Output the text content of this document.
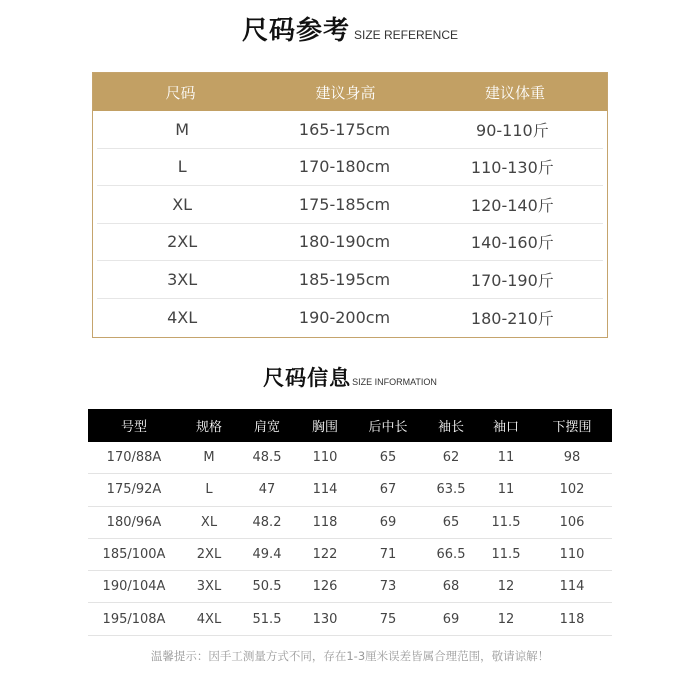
尺码参考 SIZE REFERENCE
尺码	建议身高	建议体重
M	165-175cm	90-110斤
L	170-180cm	110-130斤
XL	175-185cm	120-140斤
2XL	180-190cm	140-160斤
3XL	185-195cm	170-190斤
4XL	190-200cm	180-210斤
尺码信息SIZE INFORMATION
号型	规格	肩宽	胸围	后中长	袖长	袖口	下摆围
170/88A	M	48.5	110	65	62	11	98
175/92A	L	47	114	67	63.5	11	102
180/96A	XL	48.2	118	69	65	11.5	106
185/100A	2XL	49.4	122	71	66.5	11.5	110
190/104A	3XL	50.5	126	73	68	12	114
195/108A	4XL	51.5	130	75	69	12	118
温馨提示：因手工测量方式不同，存在1-3厘米误差皆属合理范围，敬请谅解！
